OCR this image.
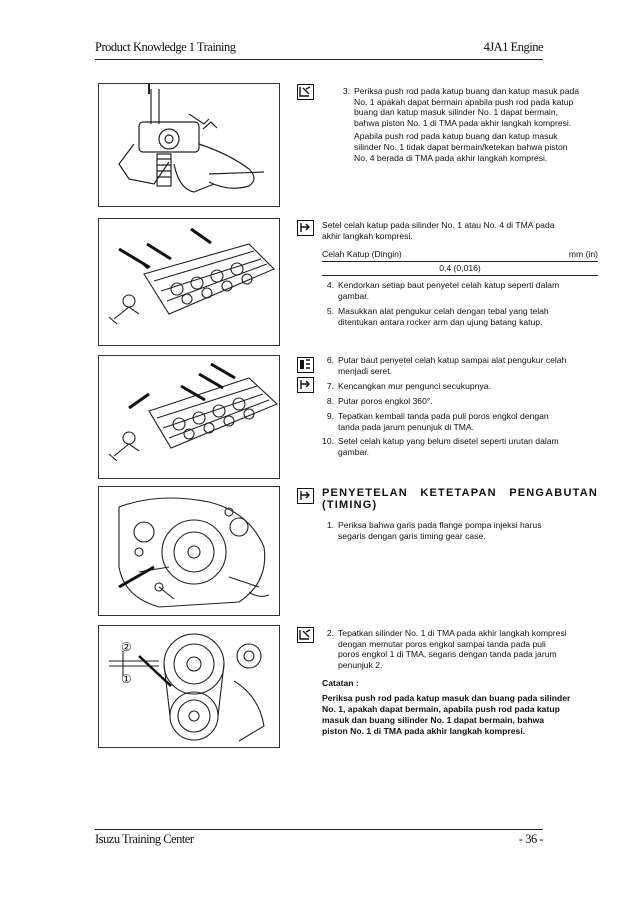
Product Knowledge 1 Training	4JA1 Engine
3. Periksa push rod pada katup buang dan katup masuk pada
No. 1 apakah dapat bermain apabila push rod pada katup
buang dan katup masuk silinder No. 1 dapat bermain,
bahwa piston No. 1 di TMA pada akhir langkah kompresi.
Apabila push rod pada katup buang dan katup masuk
silinder No. 1 tidak dapat bermain/ketekan bahwa piston
No. 4 berada di TMA pada akhir langkah kompresi.
Setel celah katup pada silinder No. 1 atau No. 4 di TMA pada
akhir langkah kompresi.
Celah Katup (Dingin)	mm (in)
0,4 (0,016)
4. Kendorkan setiap baut penyetel celah katup seperti dalam
gambar.
5. Masukkan alat pengukur celah dengan tebal yang telah
ditentukan antara rocker arm dan ujung batang katup.
6. Putar baut penyetel celah katup sampai alat pengukur celah
menjadi seret.
7. Kencangkan mur pengunci secukupnya.
8. Putar poros engkol 360°.
9. Tepatkan kembali tanda pada puli poros engkol dengan
tanda pada jarum penunjuk di TMA.
10. Setel celah katup yang belum disetel seperti urutan dalam
gambar.
PENYETELAN KETETAPAN PENGABUTAN
(TIMING)
1. Periksa bahwa garis pada flange pompa injeksi harus
segaris dengan garis timing gear case.
②
①
2. Tepatkan silinder No. 1 di TMA pada akhir langkah kompresi
dengan memutar poros engkol sampai tanda pada puli
poros engkol 1 di TMA, segaris dengan tanda pada jarum
penunjuk 2.
Catatan :
Periksa push rod pada katup masuk dan buang pada silinder
No. 1, apakah dapat bermain, apabila push rod pada katup
masuk dan buang silinder No. 1 dapat bermain, bahwa
piston No. 1 di TMA pada akhir langkah kompresi.
Isuzu Training Center	- 36 -
